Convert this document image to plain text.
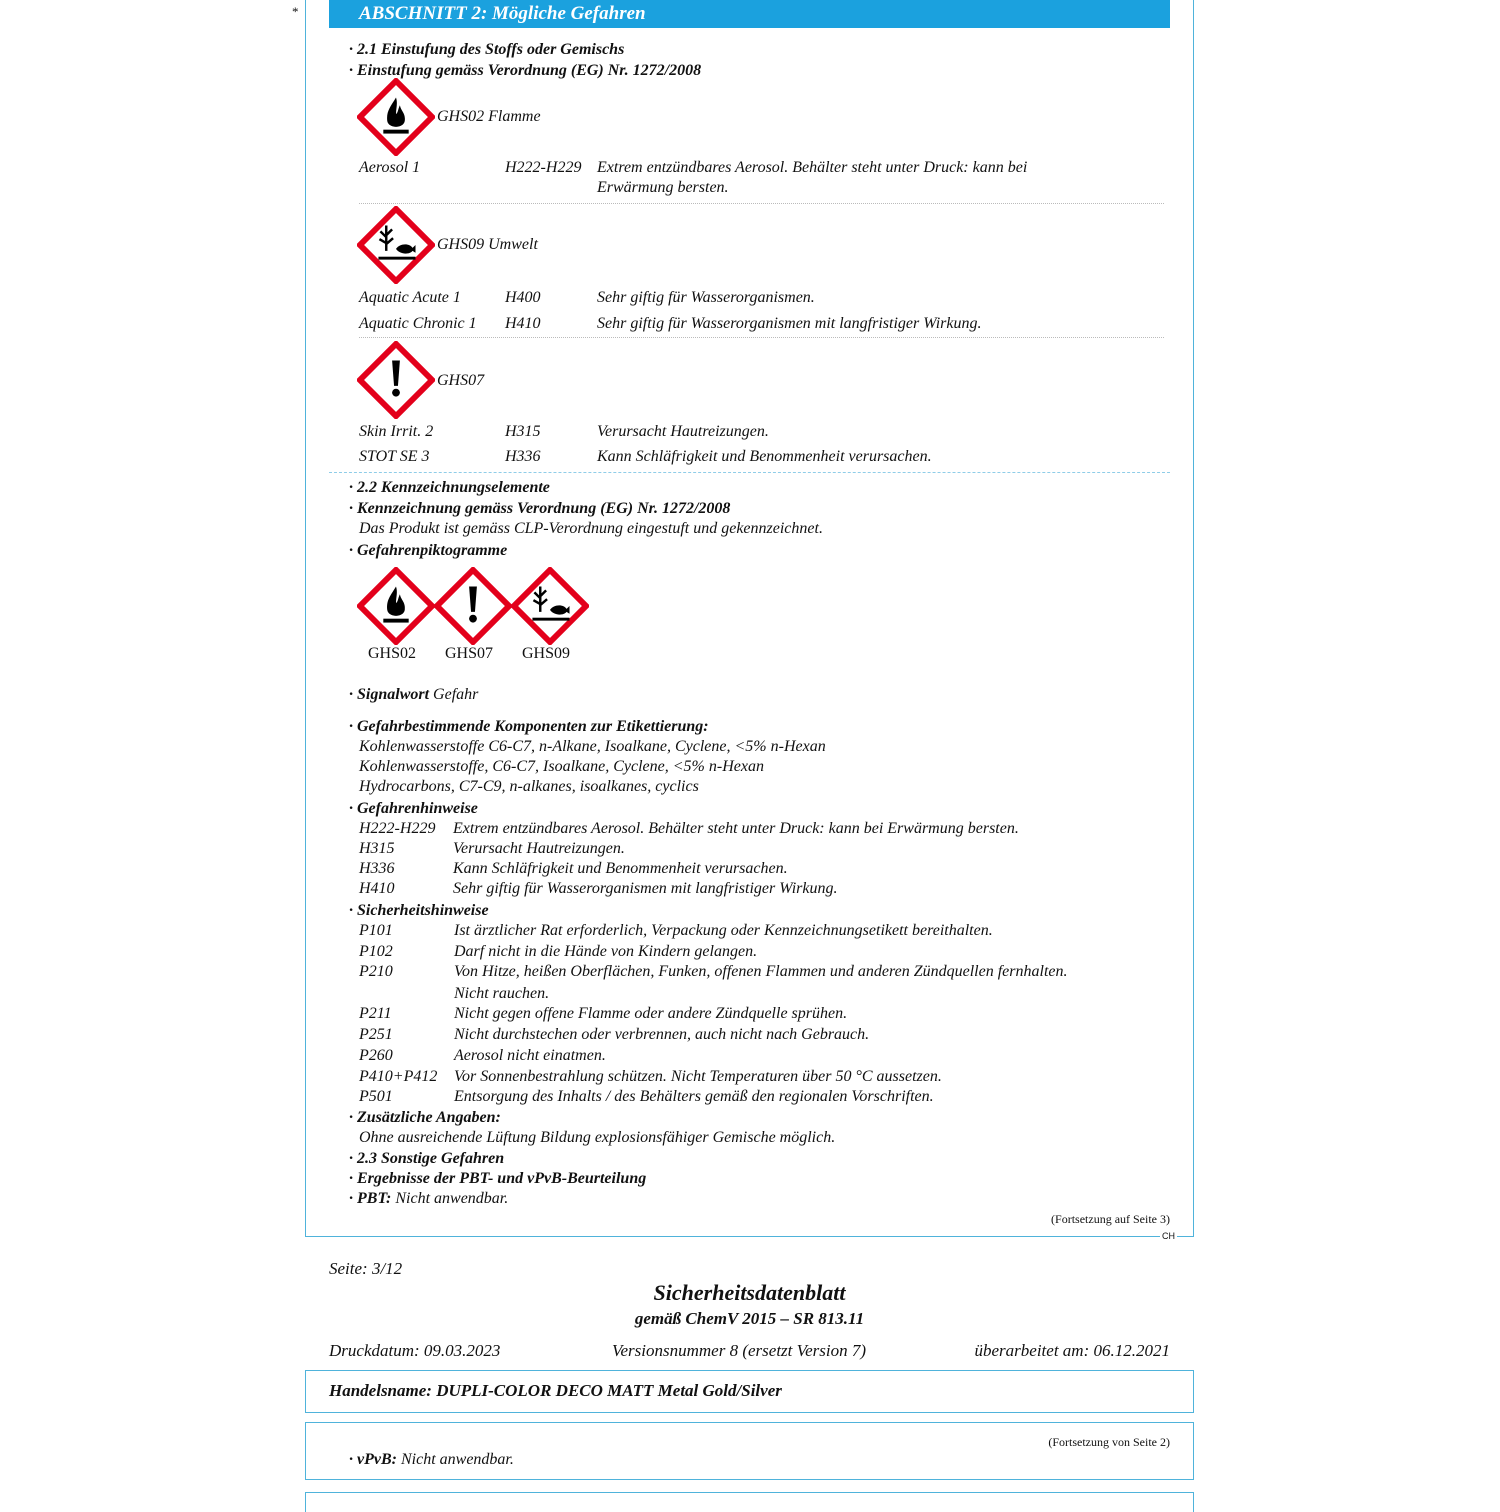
*	ABSCHNITT 2: Mögliche Gefahren
· 2.1 Einstufung des Stoffs oder Gemischs
· Einstufung gemäss Verordnung (EG) Nr. 1272/2008
GHS02 Flamme
Aerosol 1	H222-H229 Extrem entzündbares Aerosol. Behälter steht unter Druck: kann bei
Erwärmung bersten.
GHS09 Umwelt
Aquatic Acute 1	H400	Sehr giftig für Wasserorganismen.
Aquatic Chronic 1 H410	Sehr giftig für Wasserorganismen mit langfristiger Wirkung.
GHS07
Skin Irrit. 2	H315	Verursacht Hautreizungen.
STOT SE 3	H336	Kann Schläfrigkeit und Benommenheit verursachen.
· 2.2 Kennzeichnungselemente
· Kennzeichnung gemäss Verordnung (EG) Nr. 1272/2008
Das Produkt ist gemäss CLP-Verordnung eingestuft und gekennzeichnet.
· Gefahrenpiktogramme
GHS02 GHS07 GHS09
· Signalwort Gefahr
· Gefahrbestimmende Komponenten zur Etikettierung:
Kohlenwasserstoffe C6-C7, n-Alkane, Isoalkane, Cyclene, <5% n-Hexan
Kohlenwasserstoffe, C6-C7, Isoalkane, Cyclene, <5% n-Hexan
Hydrocarbons, C7-C9, n-alkanes, isoalkanes, cyclics
· Gefahrenhinweise
H222-H229 Extrem entzündbares Aerosol. Behälter steht unter Druck: kann bei Erwärmung bersten.
H315	Verursacht Hautreizungen.
H336	Kann Schläfrigkeit und Benommenheit verursachen.
H410	Sehr giftig für Wasserorganismen mit langfristiger Wirkung.
· Sicherheitshinweise
P101	Ist ärztlicher Rat erforderlich, Verpackung oder Kennzeichnungsetikett bereithalten.
P102	Darf nicht in die Hände von Kindern gelangen.
P210	Von Hitze, heißen Oberflächen, Funken, offenen Flammen und anderen Zündquellen fernhalten.
Nicht rauchen.
P211	Nicht gegen offene Flamme oder andere Zündquelle sprühen.
P251	Nicht durchstechen oder verbrennen, auch nicht nach Gebrauch.
P260	Aerosol nicht einatmen.
P410+P412 Vor Sonnenbestrahlung schützen. Nicht Temperaturen über 50 °C aussetzen.
P501	Entsorgung des Inhalts / des Behälters gemäß den regionalen Vorschriften.
· Zusätzliche Angaben:
Ohne ausreichende Lüftung Bildung explosionsfähiger Gemische möglich.
· 2.3 Sonstige Gefahren
· Ergebnisse der PBT- und vPvB-Beurteilung
· PBT: Nicht anwendbar.
(Fortsetzung auf Seite 3)
CH
Seite: 3/12
Sicherheitsdatenblatt
gemäß ChemV 2015 – SR 813.11
Druckdatum: 09.03.2023	Versionsnummer 8 (ersetzt Version 7)	überarbeitet am: 06.12.2021
Handelsname: DUPLI-COLOR DECO MATT Metal Gold/Silver
(Fortsetzung von Seite 2)
· vPvB: Nicht anwendbar.
